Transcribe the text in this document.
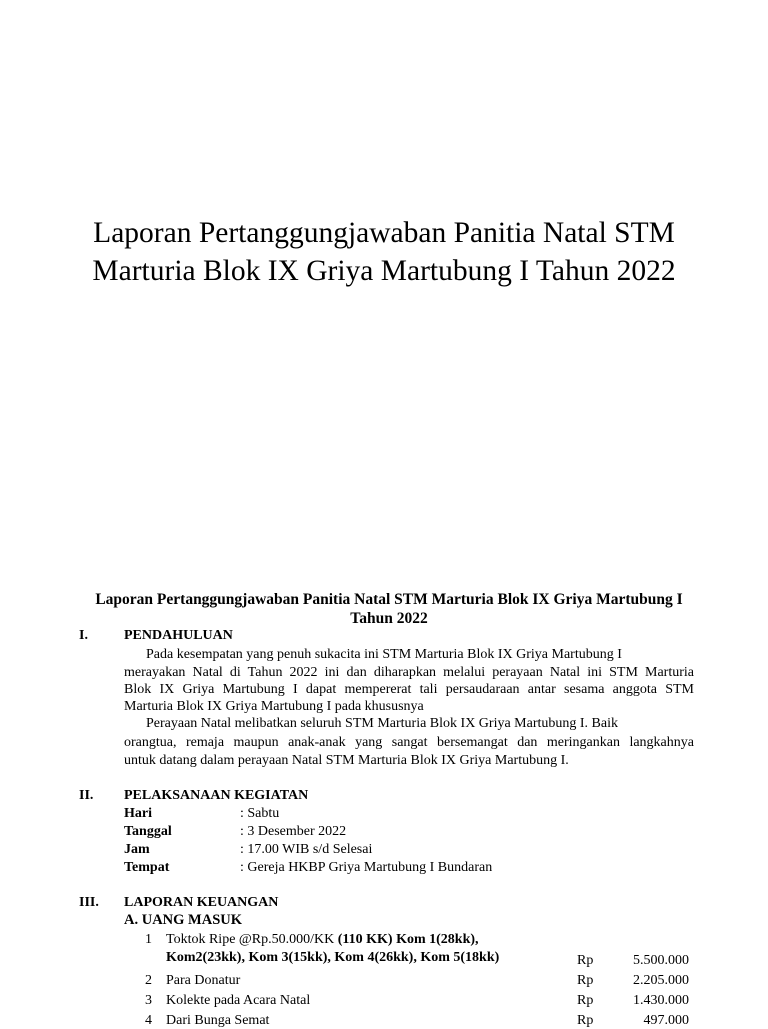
Laporan Pertanggungjawaban Panitia Natal STM
Marturia Blok IX Griya Martubung I Tahun 2022
Laporan Pertanggungjawaban Panitia Natal STM Marturia Blok IX Griya Martubung I
Tahun 2022
I.	PENDAHULUAN
Pada kesempatan yang penuh sukacita ini STM Marturia Blok IX Griya Martubung I
merayakan Natal di Tahun 2022 ini dan diharapkan melalui perayaan Natal ini STM Marturia
Blok IX Griya Martubung I dapat mempererat tali persaudaraan antar sesama anggota STM
Marturia Blok IX Griya Martubung I pada khususnya
Perayaan Natal melibatkan seluruh STM Marturia Blok IX Griya Martubung I. Baik
orangtua, remaja maupun anak-anak yang sangat bersemangat dan meringankan langkahnya
untuk datang dalam perayaan Natal STM Marturia Blok IX Griya Martubung I.
II. PELAKSANAAN KEGIATAN
Hari	: Sabtu
Tanggal	: 3 Desember 2022
Jam	: 17.00 WIB s/d Selesai
Tempat	: Gereja HKBP Griya Martubung I Bundaran
III. LAPORAN KEUANGAN
A. UANG MASUK
1 Toktok Ripe @Rp.50.000/KK (110 KK) Kom 1(28kk),
Kom2(23kk), Kom 3(15kk), Kom 4(26kk), Kom 5(18kk)	Rp	5.500.000
2 Para Donatur	Rp	2.205.000
3 Kolekte pada Acara Natal	Rp	1.430.000
4 Dari Bunga Semat	Rp	497.000
